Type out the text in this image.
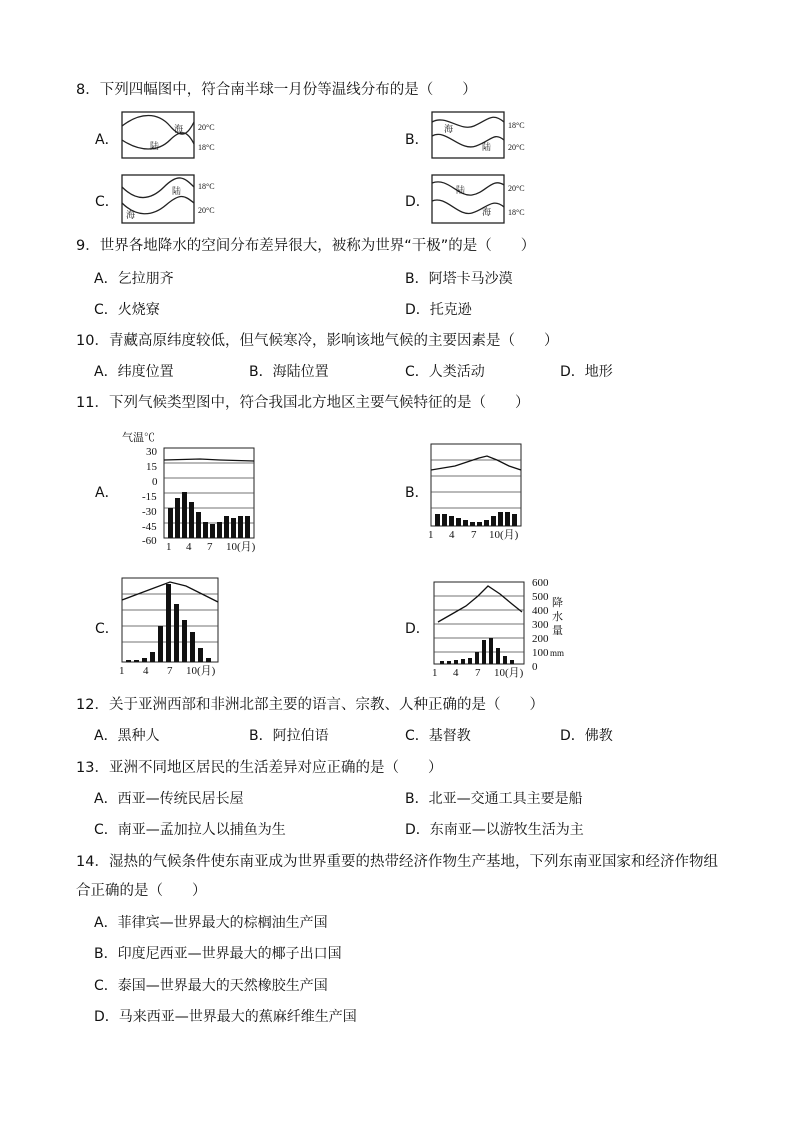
8．下列四幅图中，符合南半球一月份等温线分布的是（　　）
A．
海
陆
20°C
18°C	B．
海
陆
18°C
20°C
C．
陆
海
18°C
20°C
D．
陆
海
20°C
18°C
9．世界各地降水的空间分布差异很大，被称为世界“干极”的是（　　）
A．乞拉朋齐	B．阿塔卡马沙漠
C．火烧寮	D．托克逊
10．青藏高原纬度较低，但气候寒冷，影响该地气候的主要因素是（　　）
A．纬度位置	B．海陆位置	C．人类活动	D．地形
11．下列气候类型图中，符合我国北方地区主要气候特征的是（　　）
A．
气温℃
30
15
0
-15
-30
-45
-60 1 4 7 10(月)
B．
1 4 7 10(月)
C．
1 4 7 10(月)
D．
600
500
400
300
200
100
0
降
水
量
mm
1 4 7 10(月)
12．关于亚洲西部和非洲北部主要的语言、宗教、人种正确的是（　　）
A．黑种人	B．阿拉伯语	C．基督教	D．佛教
13．亚洲不同地区居民的生活差异对应正确的是（　　）
A．西亚—传统民居长屋	B．北亚—交通工具主要是船
C．南亚—孟加拉人以捕鱼为生	D．东南亚—以游牧生活为主
14．湿热的气候条件使东南亚成为世界重要的热带经济作物生产基地，下列东南亚国家和经济作物组
合正确的是（　　）
A．菲律宾—世界最大的棕榈油生产国
B．印度尼西亚—世界最大的椰子出口国
C．泰国—世界最大的天然橡胶生产国
D．马来西亚—世界最大的蕉麻纤维生产国
